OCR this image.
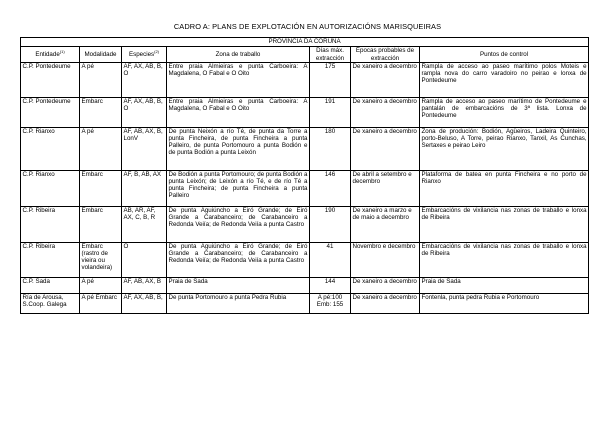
CADRO A: PLANS DE EXPLOTACIÓN EN AUTORIZACIÓNS MARISQUEIRAS
PROVINCIA DA CORUÑA						
Entidade$^{(1)}$	Modalidade	Especies$^{(2)}$	Zona de traballo	Días máx. extracción	Épocas probables de extracción	Puntos de control
C.P. Pontedeume	A pé	AF, AX, AB, B, O	Entre praia Almieiras e punta Carboeira: A Magdalena, O Fabal e O Oito	175	De xaneiro a decembro	Rampla de acceso ao paseo marítimo polos Moteis e rampla nova do carro varadoiro no peirao e lonxa de Pontedeume
C.P. Pontedeume	Embarc	AF, AX, AB, B, O	Entre praia Almieiras e punta Carboeira: A Magdalena, O Fabal e O Oito	191	De xaneiro a decembro	Rampla de acceso ao paseo marítimo de Pontedeume e pantalán de embarcacións de 3ª lista. Lonxa de Pontedeume
C.P. Rianxo	A pé	AF, AB, AX, B, LonV	De punta Neixón a río Té, de punta da Torre a punta Fincheira, de punta Fincheira a punta Palleiro, de punta Portomouro a punta Bodión e de punta Bodión a punta Leixón	180	De xaneiro a decembro	Zona de produción: Bodión, Agüeiros, Ladeira Quinteiro, porto-Beluso, A Torre, peirao Rianxo, Tanxil, As Cunchas, Sertaxes e peirao Leiro
C.P. Rianxo	Embarc	AF, B, AB, AX	De Bodión a punta Portomouro; de punta Bodión a punta Leixón; de Leixón a río Té, e de río Té a punta Fincheira; de punta Fincheira a punta Palleiro	146	De abril a setembro e decembro	Plataforma de batea en punta Fincheira e no porto de Rianxo
C.P. Ribeira	Embarc	AB, AR, AF, AX, C, B, R	De punta Aguiúncho a Eiró Grande; de Eiró Grande a Carabanceiro; de Carabanceiro a Redonda Veiía; de Redonda Veiía a punta Castro	190	De xaneiro a marzo e de maio a decembro	Embarcacións de vixilancia nas zonas de traballo e lonxa de Ribeira
C.P. Ribeira	Embarc (rastro de vieira ou volandeira)	O	De punta Aguiúncho a Eiró Grande; de Eiró Grande a Carabanceiro; de Carabanceiro a Redonda Veiía; de Redonda Veiía a punta Castro	41	Novembro e decembro	Embarcacións de vixilancia nas zonas de traballo e lonxa de Ribeira
C.P. Sada	A pé	AF, AB, AX, B	Praia de Sada	144	De xaneiro a decembro	Praia de Sada
Ría de Arousa, S.Coop. Galega	A pé Embarc	AF, AX, AB, B,	De punta Portomouro a punta Pedra Rubia	A pé:100 Emb: 155	De xaneiro a decembro	Fontenla, punta pedra Rubia e Portomouro
